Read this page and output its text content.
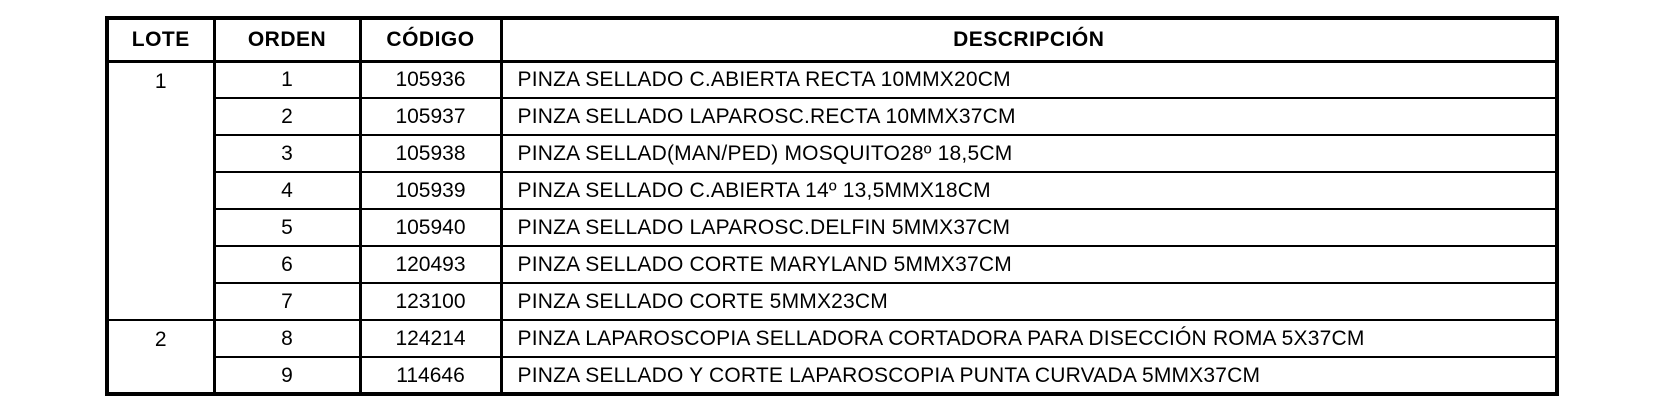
LOTE	ORDEN	CÓDIGO	DESCRIPCIÓN
1	1	105936	PINZA SELLADO C.ABIERTA RECTA 10MMX20CM
	2	105937	PINZA SELLADO LAPAROSC.RECTA 10MMX37CM
	3	105938	PINZA SELLAD(MAN/PED) MOSQUITO28º 18,5CM
	4	105939	PINZA SELLADO C.ABIERTA 14º 13,5MMX18CM
	5	105940	PINZA SELLADO LAPAROSC.DELFIN 5MMX37CM
	6	120493	PINZA SELLADO CORTE MARYLAND 5MMX37CM
	7	123100	PINZA SELLADO CORTE 5MMX23CM
2	8	124214	PINZA LAPAROSCOPIA SELLADORA CORTADORA PARA DISECCIÓN ROMA 5X37CM
	9	114646	PINZA SELLADO Y CORTE LAPAROSCOPIA PUNTA CURVADA 5MMX37CM
